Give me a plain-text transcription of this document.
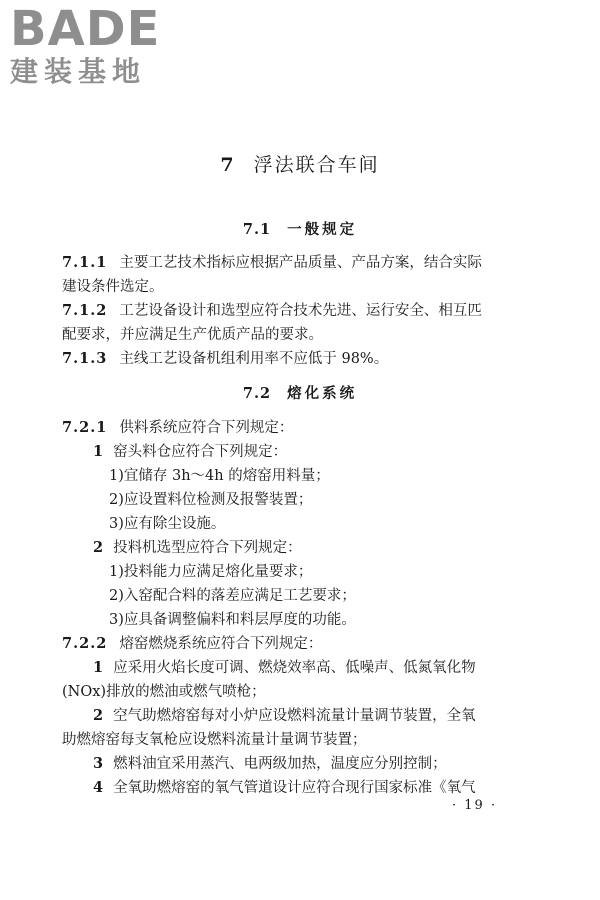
BADE
建装基地
7 浮法联合车间
7.1 一般规定

7.1.1 主要工艺技术指标应根据产品质量、产品方案，结合实际
建设条件选定。

7.1.2 工艺设备设计和选型应符合技术先进、运行安全、相互匹
配要求，并应满足生产优质产品的要求。

7.1.3 主线工艺设备机组利用率不应低于 98%。

7.2 熔化系统

7.2.1 供料系统应符合下列规定：

1 窑头料仓应符合下列规定：

1)宜储存 3h～4h 的熔窑用料量；

2)应设置料位检测及报警装置；

3)应有除尘设施。

2 投料机选型应符合下列规定：

1)投料能力应满足熔化量要求；

2)入窑配合料的落差应满足工艺要求；

3)应具备调整偏料和料层厚度的功能。

7.2.2 熔窑燃烧系统应符合下列规定：

1 应采用火焰长度可调、燃烧效率高、低噪声、低氮氧化物
(NOx)排放的燃油或燃气喷枪；

2 空气助燃熔窑每对小炉应设燃料流量计量调节装置，全氧
助燃熔窑每支氧枪应设燃料流量计量调节装置；

3 燃料油宜采用蒸汽、电两级加热，温度应分别控制；

4 全氧助燃熔窑的氧气管道设计应符合现行国家标准《氧气

· 19 ·
